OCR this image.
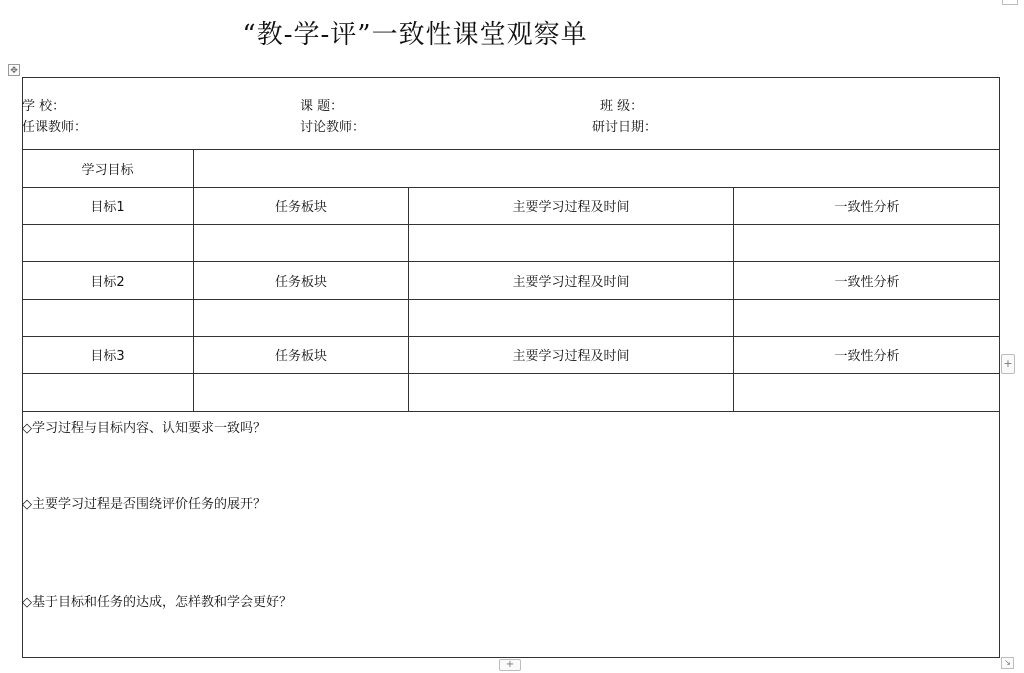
“教-学-评”一致性课堂观察单
✥
学 校：	课 题：	班 级：
任课教师：	讨论教师：	研讨日期：
学习目标
目标1	任务板块	主要学习过程及时间	一致性分析
目标2	任务板块	主要学习过程及时间	一致性分析
目标3	任务板块	主要学习过程及时间	一致性分析
◇学习过程与目标内容、认知要求一致吗？
◇主要学习过程是否围绕评价任务的展开？
◇基于目标和任务的达成，怎样教和学会更好？
+
+	↘
